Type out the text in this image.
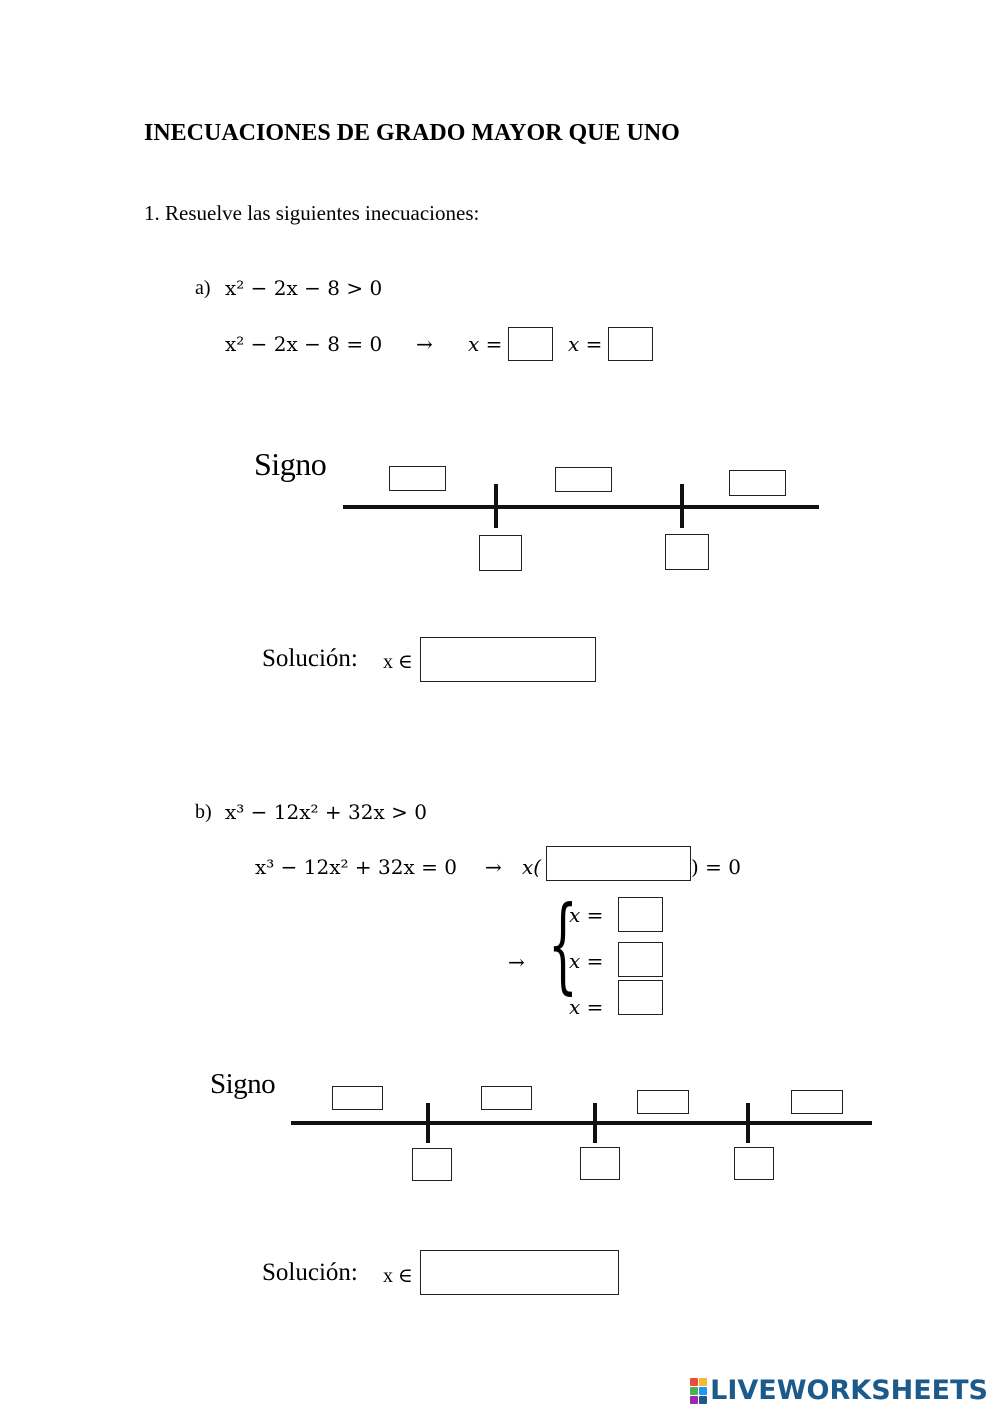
INECUACIONES DE GRADO MAYOR QUE UNO
1. Resuelve las siguientes inecuaciones:
a) x² − 2x − 8 > 0
x² − 2x − 8 = 0 → x =	x =
Signo
Solución: x ∈
b) x³ − 12x² + 32x > 0
x³ − 12x² + 32x = 0 → x(	) = 0
→ {
x =
x =
x =
Signo
Solución: x ∈
LIVEWORKSHEETS
